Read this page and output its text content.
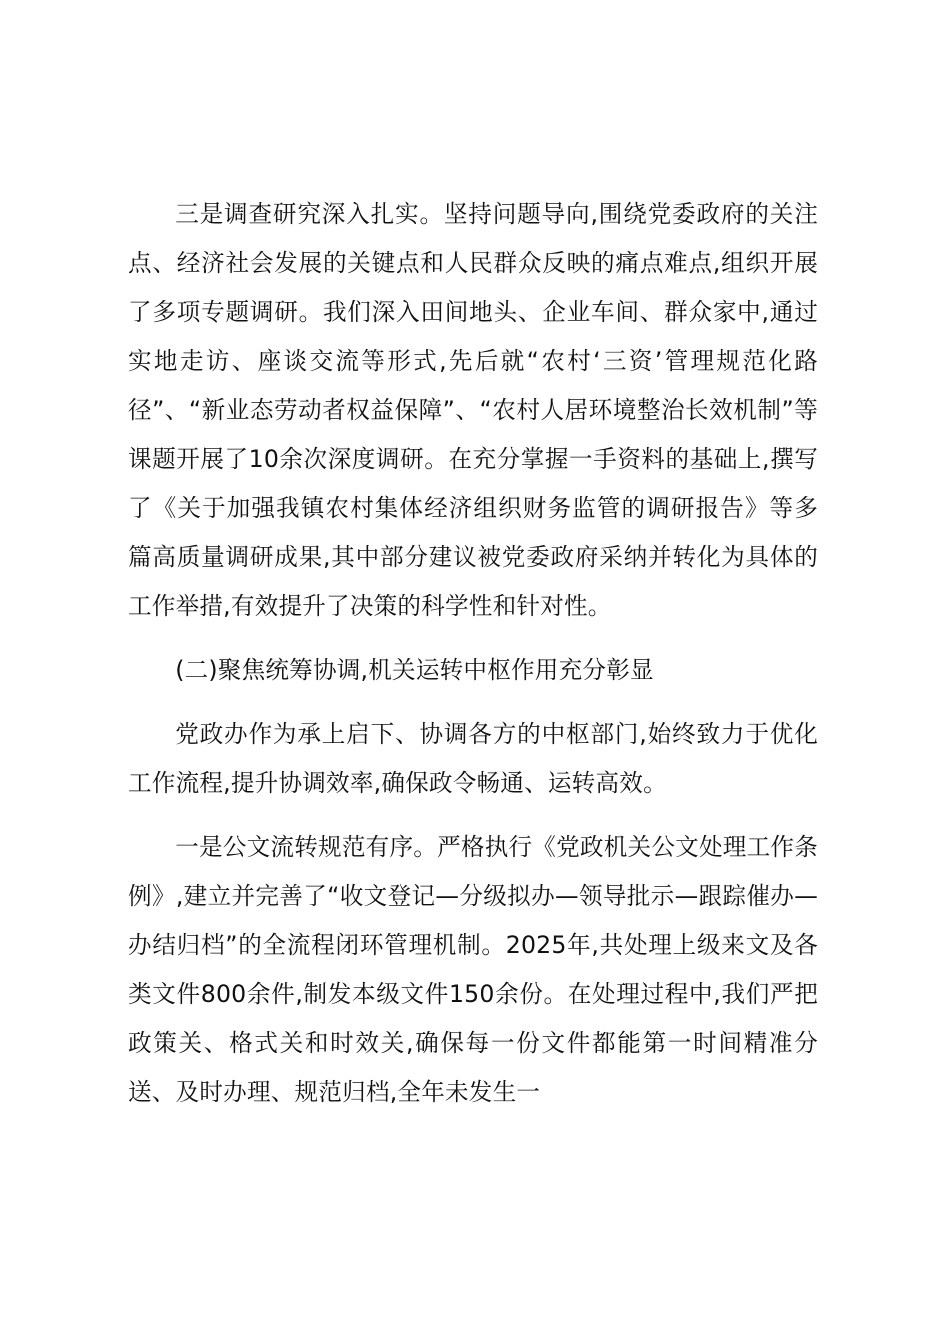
三是调查研究深入扎实。坚持问题导向,围绕党委政府的关注点、经济社会发展的关键点和人民群众反映的痛点难点,组织开展了多项专题调研。我们深入田间地头、企业车间、群众家中,通过实地走访、座谈交流等形式,先后就“农村‘三资’管理规范化路径”、“新业态劳动者权益保障”、“农村人居环境整治长效机制”等课题开展了10余次深度调研。在充分掌握一手资料的基础上,撰写了《关于加强我镇农村集体经济组织财务监管的调研报告》等多篇高质量调研成果,其中部分建议被党委政府采纳并转化为具体的工作举措,有效提升了决策的科学性和针对性。

(二)聚焦统筹协调,机关运转中枢作用充分彰显

党政办作为承上启下、协调各方的中枢部门,始终致力于优化工作流程,提升协调效率,确保政令畅通、运转高效。

一是公文流转规范有序。严格执行《党政机关公文处理工作条例》,建立并完善了“收文登记—分级拟办—领导批示—跟踪催办—办结归档”的全流程闭环管理机制。2025年,共处理上级来文及各类文件800余件,制发本级文件150余份。在处理过程中,我们严把政策关、格式关和时效关,确保每一份文件都能第一时间精准分送、及时办理、规范归档,全年未发生一
